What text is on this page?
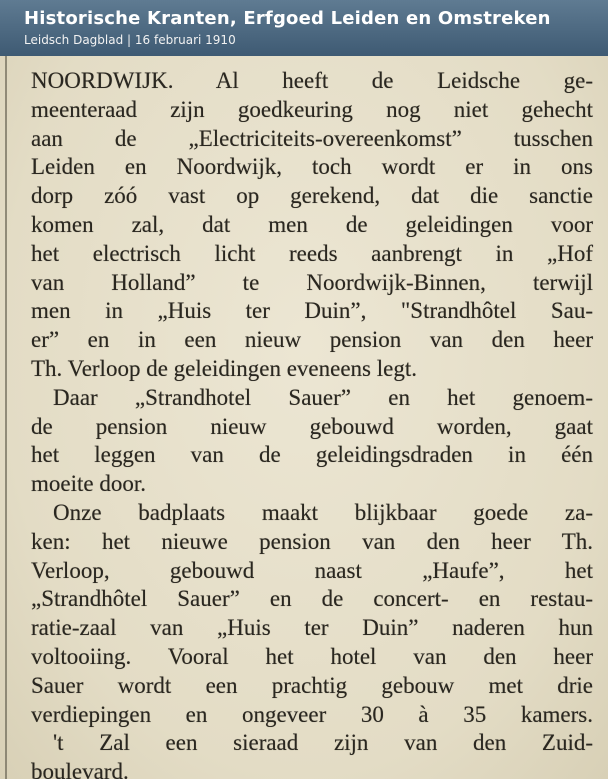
Historische Kranten, Erfgoed Leiden en Omstreken
Leidsch Dagblad | 16 februari 1910
NOORDWIJK. Al heeft de Leidsche ge-
meenteraad zijn goedkeuring nog niet gehecht
aan de „Electriciteits-overeenkomst” tusschen
Leiden en Noordwijk, toch wordt er in ons
dorp zóó vast op gerekend, dat die sanctie
komen zal, dat men de geleidingen voor
het electrisch licht reeds aanbrengt in „Hof
van Holland” te Noordwijk-Binnen, terwijl
men in „Huis ter Duin”, "Strandhôtel Sau-
er” en in een nieuw pension van den heer
Th. Verloop de geleidingen eveneens legt.
Daar „Strandhotel Sauer” en het genoem-
de pension nieuw gebouwd worden, gaat
het leggen van de geleidingsdraden in één
moeite door.
Onze badplaats maakt blijkbaar goede za-
ken: het nieuwe pension van den heer Th.
Verloop, gebouwd naast „Haufe”, het
„Strandhôtel Sauer” en de concert- en restau-
ratie-zaal van „Huis ter Duin” naderen hun
voltooiing. Vooral het hotel van den heer
Sauer wordt een prachtig gebouw met drie
verdiepingen en ongeveer 30 à 35 kamers.
't Zal een sieraad zijn van den Zuid-
boulevard.
